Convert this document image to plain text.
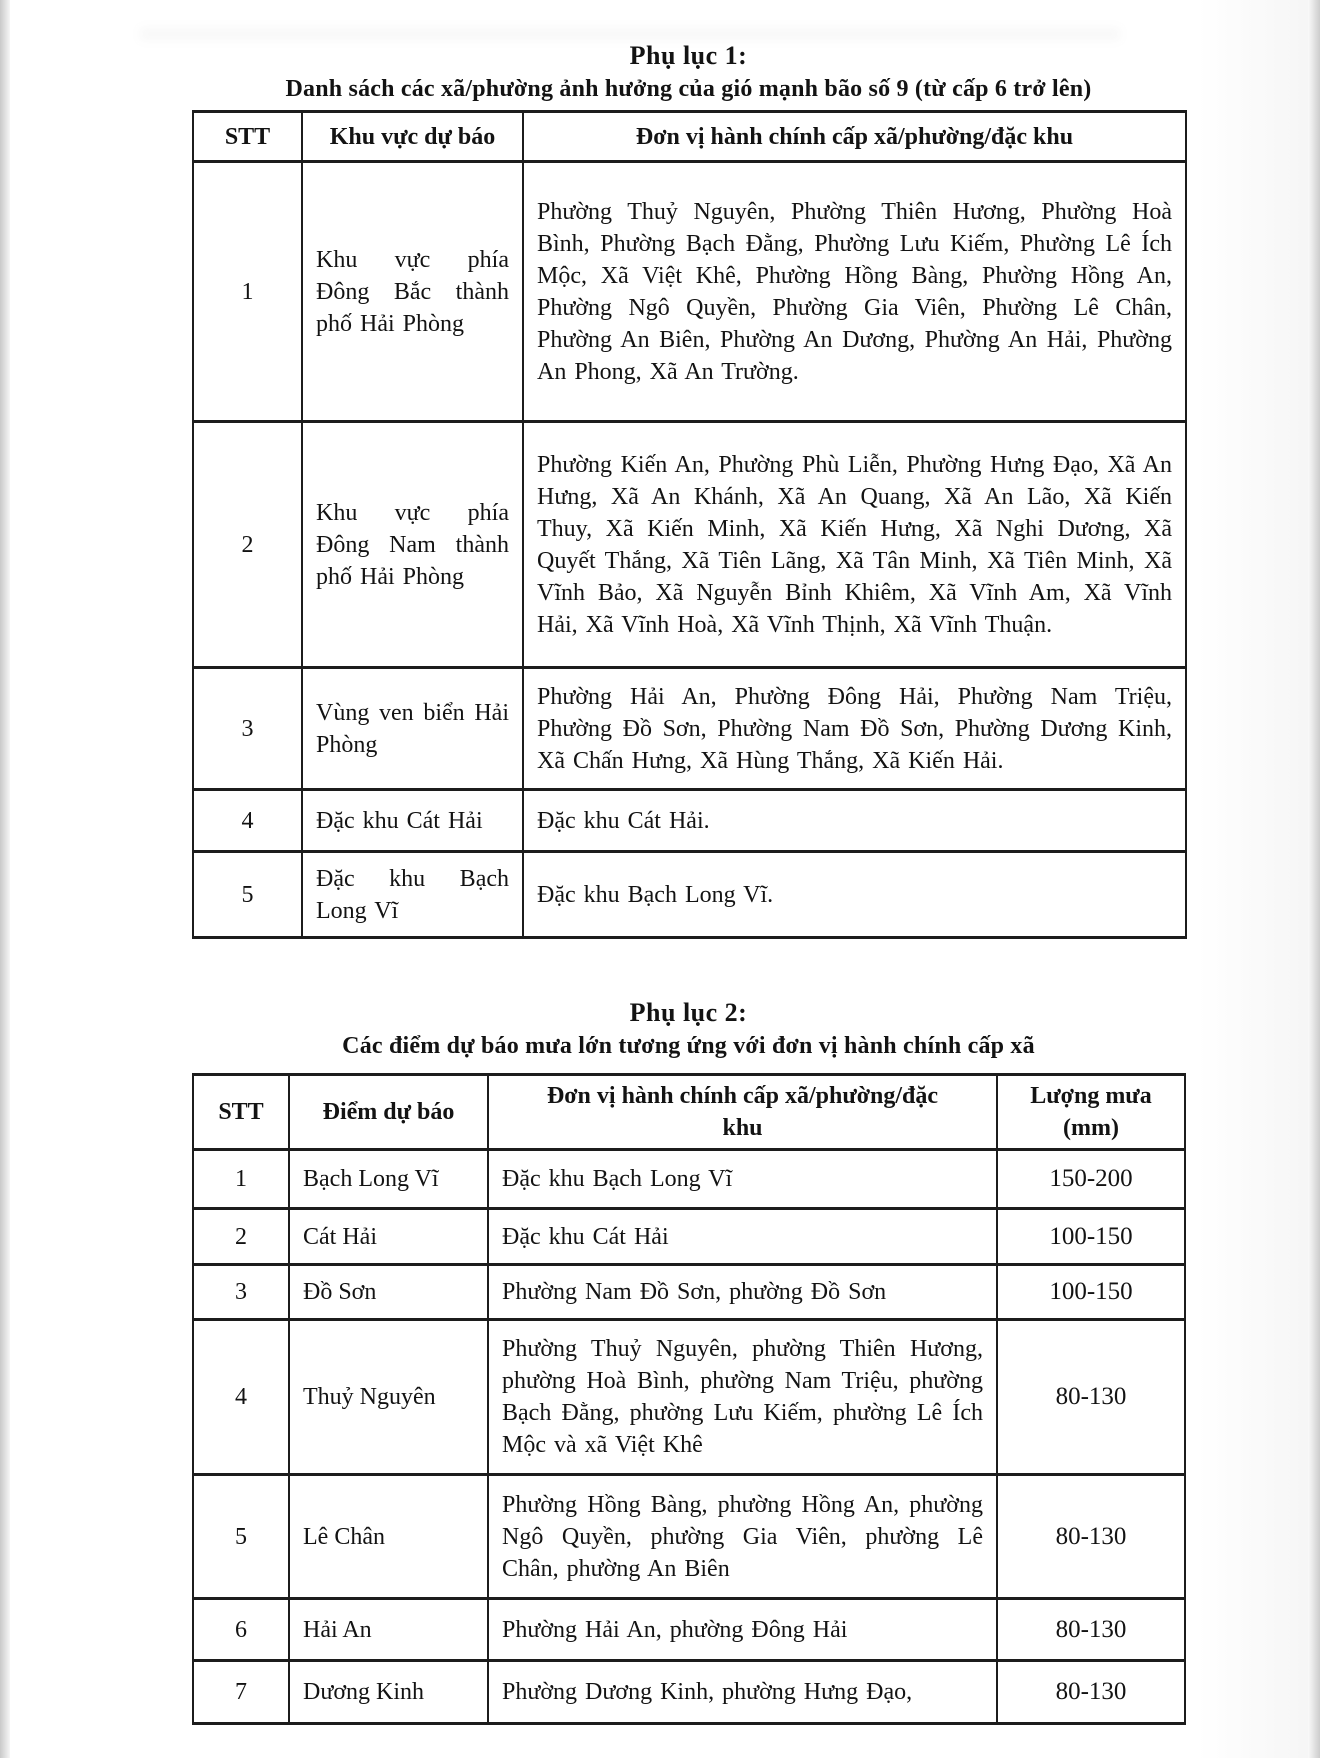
Phụ lục 1:
Danh sách các xã/phường ảnh hưởng của gió mạnh bão số 9 (từ cấp 6 trở lên)
STT	Khu vực dự báo	Đơn vị hành chính cấp xã/phường/đặc khu
1	Khu vực phía Đông Bắc thành phố Hải Phòng	Phường Thuỷ Nguyên, Phường Thiên Hương, Phường Hoà Bình, Phường Bạch Đằng, Phường Lưu Kiếm, Phường Lê Ích Mộc, Xã Việt Khê, Phường Hồng Bàng, Phường Hồng An, Phường Ngô Quyền, Phường Gia Viên, Phường Lê Chân, Phường An Biên, Phường An Dương, Phường An Hải, Phường An Phong, Xã An Trường.
2	Khu vực phía Đông Nam thành phố Hải Phòng	Phường Kiến An, Phường Phù Liễn, Phường Hưng Đạo, Xã An Hưng, Xã An Khánh, Xã An Quang, Xã An Lão, Xã Kiến Thuy, Xã Kiến Minh, Xã Kiến Hưng, Xã Nghi Dương, Xã Quyết Thắng, Xã Tiên Lãng, Xã Tân Minh, Xã Tiên Minh, Xã Vĩnh Bảo, Xã Nguyễn Bỉnh Khiêm, Xã Vĩnh Am, Xã Vĩnh Hải, Xã Vĩnh Hoà, Xã Vĩnh Thịnh, Xã Vĩnh Thuận.
3	Vùng ven biển Hải Phòng	Phường Hải An, Phường Đông Hải, Phường Nam Triệu, Phường Đồ Sơn, Phường Nam Đồ Sơn, Phường Dương Kinh, Xã Chấn Hưng, Xã Hùng Thắng, Xã Kiến Hải.
4	Đặc khu Cát Hải	Đặc khu Cát Hải.
5	Đặc khu Bạch Long Vĩ	Đặc khu Bạch Long Vĩ.
Phụ lục 2:
Các điểm dự báo mưa lớn tương ứng với đơn vị hành chính cấp xã
STT	Điểm dự báo	Đơn vị hành chính cấp xã/phường/đặc khu	Lượng mưa (mm)
1	Bạch Long Vĩ	Đặc khu Bạch Long Vĩ	150-200
2	Cát Hải	Đặc khu Cát Hải	100-150
3	Đồ Sơn	Phường Nam Đồ Sơn, phường Đồ Sơn	100-150
4	Thuỷ Nguyên	Phường Thuỷ Nguyên, phường Thiên Hương, phường Hoà Bình, phường Nam Triệu, phường Bạch Đằng, phường Lưu Kiếm, phường Lê Ích Mộc và xã Việt Khê	80-130
5	Lê Chân	Phường Hồng Bàng, phường Hồng An, phường Ngô Quyền, phường Gia Viên, phường Lê Chân, phường An Biên	80-130
6	Hải An	Phường Hải An, phường Đông Hải	80-130
7	Dương Kinh	Phường Dương Kinh, phường Hưng Đạo,	80-130
